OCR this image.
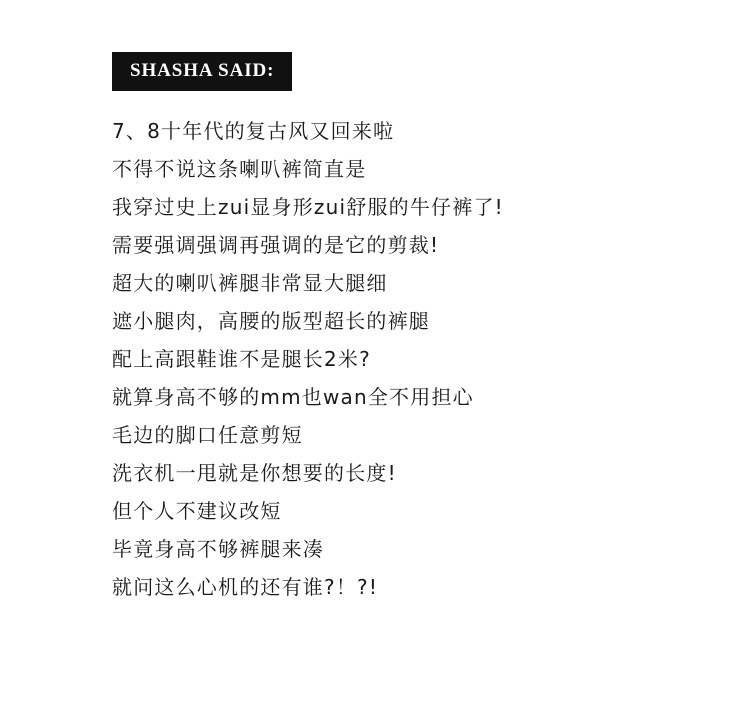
SHASHA SAID:
7、8十年代的复古风又回来啦
不得不说这条喇叭裤简直是
我穿过史上zui显身形zui舒服的牛仔裤了!
需要强调强调再强调的是它的剪裁!
超大的喇叭裤腿非常显大腿细
遮小腿肉，高腰的版型超长的裤腿
配上高跟鞋谁不是腿长2米?
就算身高不够的mm也wan全不用担心
毛边的脚口任意剪短
洗衣机一甩就是你想要的长度!
但个人不建议改短
毕竟身高不够裤腿来凑
就问这么心机的还有谁?！?!
